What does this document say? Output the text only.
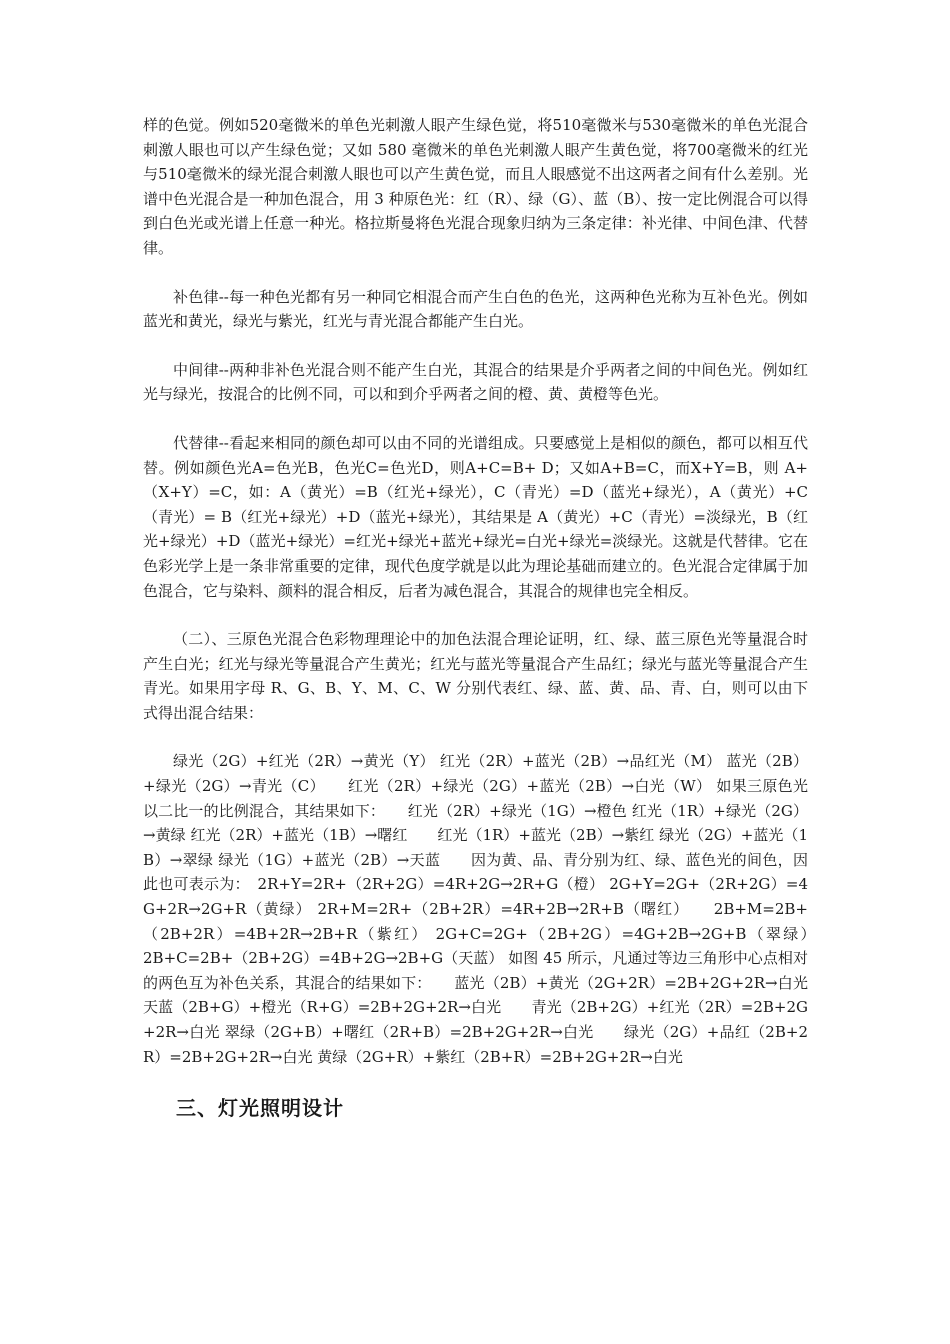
样的色觉。例如520毫微米的单色光刺激人眼产生绿色觉，将510毫微米与530毫微米的单色光混合刺激人眼也可以产生绿色觉；又如 580 毫微米的单色光刺激人眼产生黄色觉，将700毫微米的红光与510毫微米的绿光混合刺激人眼也可以产生黄色觉，而且人眼感觉不出这两者之间有什么差别。光谱中色光混合是一种加色混合，用 3 种原色光：红（R）、绿（G）、蓝（B）、按一定比例混合可以得到白色光或光谱上任意一种光。格拉斯曼将色光混合现象归纳为三条定律：补光律、中间色津、代替律。

补色律--每一种色光都有另一种同它相混合而产生白色的色光，这两种色光称为互补色光。例如蓝光和黄光，绿光与紫光，红光与青光混合都能产生白光。

中间律--两种非补色光混合则不能产生白光，其混合的结果是介乎两者之间的中间色光。例如红光与绿光，按混合的比例不同，可以和到介乎两者之间的橙、黄、黄橙等色光。

代替律--看起来相同的颜色却可以由不同的光谱组成。只要感觉上是相似的颜色，都可以相互代替。例如颜色光A=色光B，色光C=色光D，则A+C=B+ D；又如A+B=C，而X+Y=B，则 A+（X+Y）=C，如：A（黄光）=B（红光+绿光），C（青光）=D（蓝光+绿光），A（黄光）+C（青光）= B（红光+绿光）+D（蓝光+绿光），其结果是 A（黄光）+C（青光）=淡绿光，B（红光+绿光）+D（蓝光+绿光）=红光+绿光+蓝光+绿光=白光+绿光=淡绿光。这就是代替律。它在色彩光学上是一条非常重要的定律，现代色度学就是以此为理论基础而建立的。色光混合定律属于加色混合，它与染料、颜料的混合相反，后者为减色混合，其混合的规律也完全相反。

（二）、三原色光混合色彩物理理论中的加色法混合理论证明，红、绿、蓝三原色光等量混合时产生白光；红光与绿光等量混合产生黄光；红光与蓝光等量混合产生品红；绿光与蓝光等量混合产生青光。如果用字母 R、G、B、Y、M、C、W 分别代表红、绿、蓝、黄、品、青、白，则可以由下式得出混合结果：

绿光（2G）+红光（2R）→黄光（Y） 红光（2R）+蓝光（2B）→品红光（M） 蓝光（2B）+绿光（2G）→青光（C）　　红光（2R）+绿光（2G）+蓝光（2B）→白光（W） 如果三原色光以二比一的比例混合，其结果如下：　　红光（2R）+绿光（1G）→橙色 红光（1R）+绿光（2G）→黄绿 红光（2R）+蓝光（1B）→曙红　　红光（1R）+蓝光（2B）→紫红 绿光（2G）+蓝光（1B）→翠绿 绿光（1G）+蓝光（2B）→天蓝　　因为黄、品、青分别为红、绿、蓝色光的间色，因此也可表示为：　2R+Y=2R+（2R+2G）=4R+2G→2R+G（橙） 2G+Y=2G+（2R+2G）=4G+2R→2G+R（黄绿） 2R+M=2R+（2B+2R）=4R+2B→2R+B（曙红）　　2B+M=2B+（2B+2R）=4B+2R→2B+R（紫红） 2G+C=2G+（2B+2G）=4G+2B→2G+B（翠绿）　　2B+C=2B+（2B+2G）=4B+2G→2B+G（天蓝） 如图 45 所示，凡通过等边三角形中心点相对的两色互为补色关系，其混合的结果如下：　　蓝光（2B）+黄光（2G+2R）=2B+2G+2R→白光 天蓝（2B+G）+橙光（R+G）=2B+2G+2R→白光　　青光（2B+2G）+红光（2R）=2B+2G+2R→白光 翠绿（2G+B）+曙红（2R+B）=2B+2G+2R→白光　　绿光（2G）+品红（2B+2R）=2B+2G+2R→白光 黄绿（2G+R）+紫红（2B+R）=2B+2G+2R→白光

三、灯光照明设计
